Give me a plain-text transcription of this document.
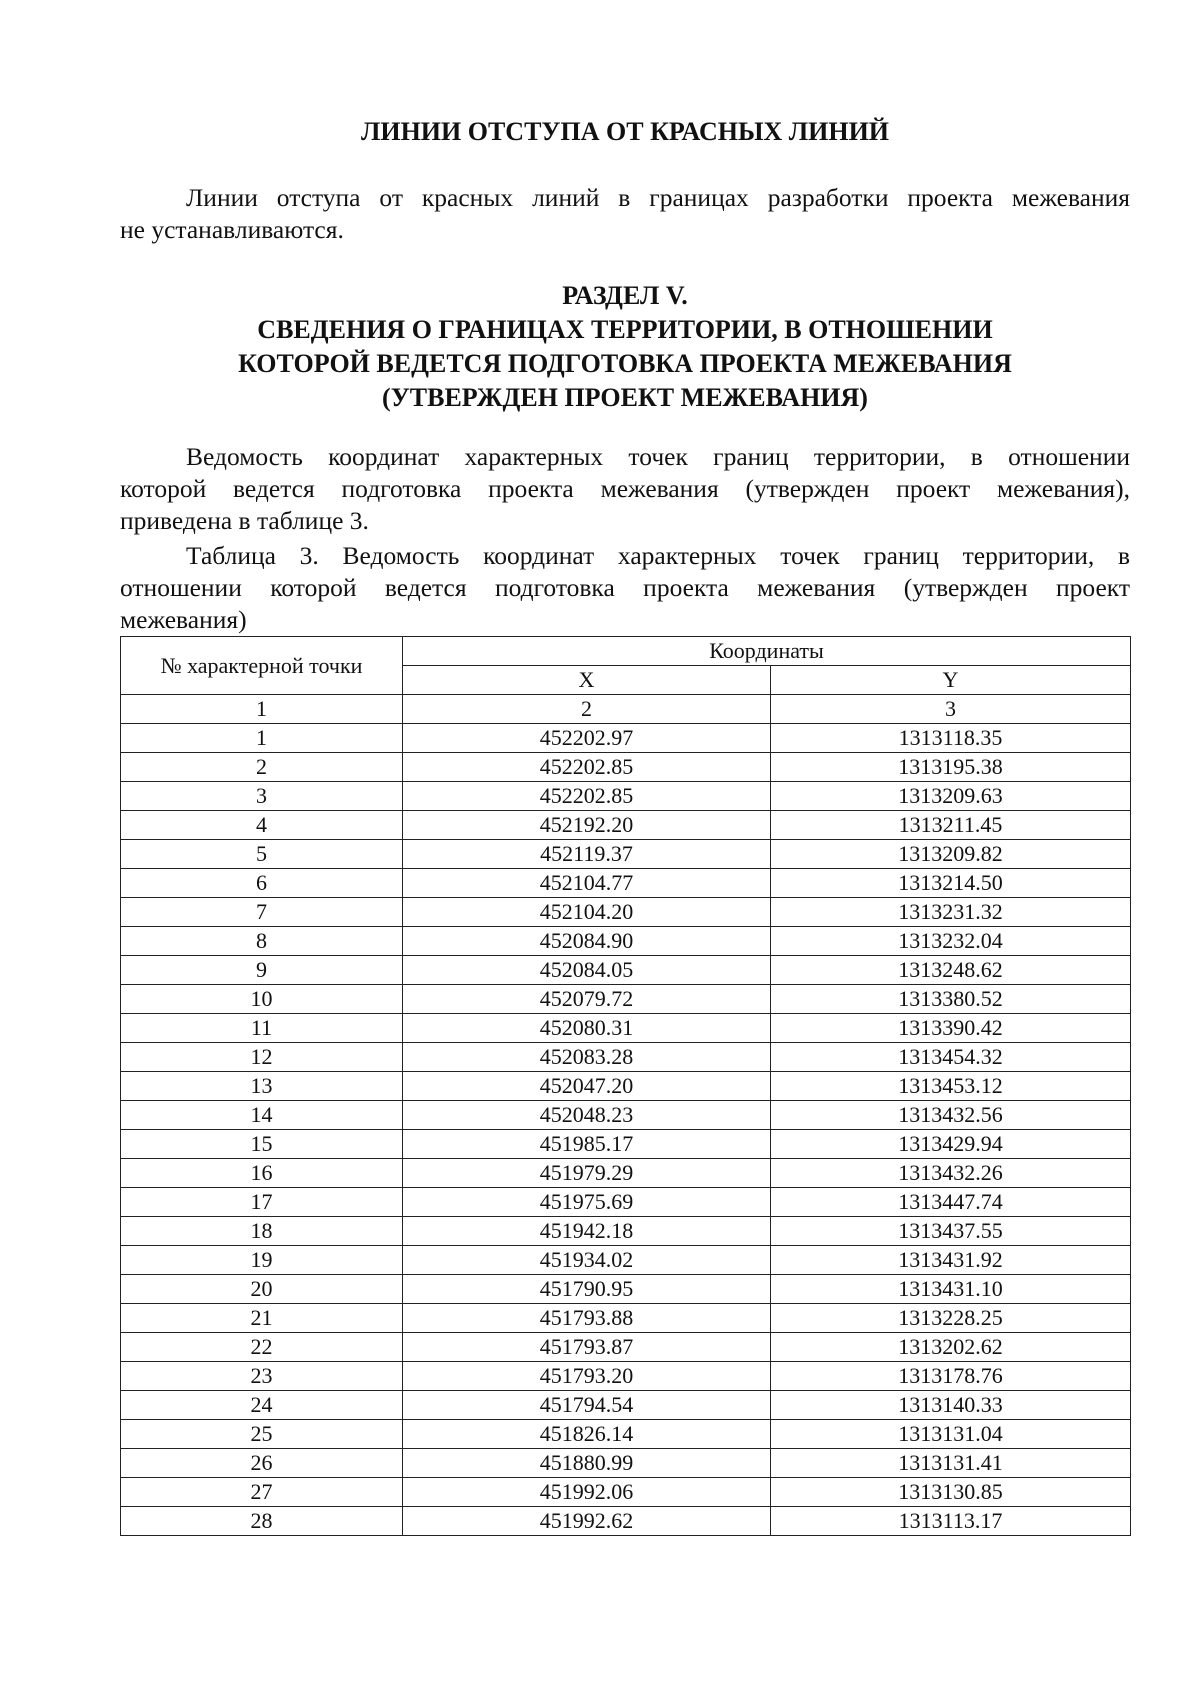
ЛИНИИ ОТСТУПА ОТ КРАСНЫХ ЛИНИЙ

Линии отступа от красных линий в границах разработки проекта межевания
не устанавливаются.

РАЗДЕЛ V.
СВЕДЕНИЯ О ГРАНИЦАХ ТЕРРИТОРИИ, В ОТНОШЕНИИ
КОТОРОЙ ВЕДЕТСЯ ПОДГОТОВКА ПРОЕКТА МЕЖЕВАНИЯ
(УТВЕРЖДЕН ПРОЕКТ МЕЖЕВАНИЯ)

Ведомость координат характерных точек границ территории, в отношении
которой ведется подготовка проекта межевания (утвержден проект межевания),
приведена в таблице 3.

Таблица 3. Ведомость координат характерных точек границ территории, в
отношении которой ведется подготовка проекта межевания (утвержден проект
межевания)

№ характерной точки	Координаты	
	X	Y
1	2	3
1	452202.97	1313118.35
2	452202.85	1313195.38
3	452202.85	1313209.63
4	452192.20	1313211.45
5	452119.37	1313209.82
6	452104.77	1313214.50
7	452104.20	1313231.32
8	452084.90	1313232.04
9	452084.05	1313248.62
10	452079.72	1313380.52
11	452080.31	1313390.42
12	452083.28	1313454.32
13	452047.20	1313453.12
14	452048.23	1313432.56
15	451985.17	1313429.94
16	451979.29	1313432.26
17	451975.69	1313447.74
18	451942.18	1313437.55
19	451934.02	1313431.92
20	451790.95	1313431.10
21	451793.88	1313228.25
22	451793.87	1313202.62
23	451793.20	1313178.76
24	451794.54	1313140.33
25	451826.14	1313131.04
26	451880.99	1313131.41
27	451992.06	1313130.85
28	451992.62	1313113.17
